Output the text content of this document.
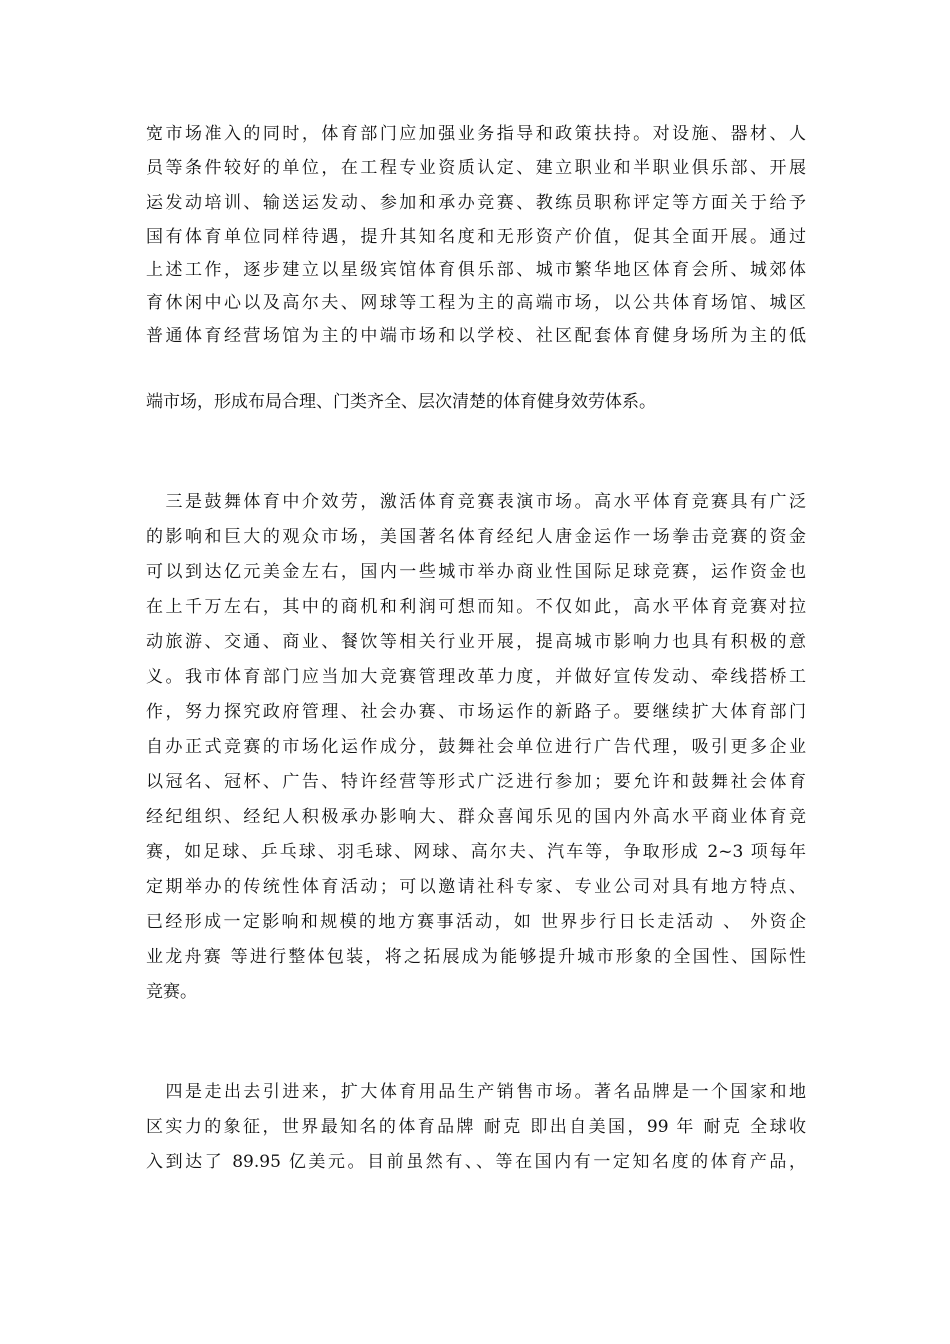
宽市场准入的同时，体育部门应加强业务指导和政策扶持。对设施、器材、人
员等条件较好的单位，在工程专业资质认定、建立职业和半职业俱乐部、开展
运发动培训、输送运发动、参加和承办竞赛、教练员职称评定等方面关于给予
国有体育单位同样待遇，提升其知名度和无形资产价值，促其全面开展。通过
上述工作，逐步建立以星级宾馆体育俱乐部、城市繁华地区体育会所、城郊体
育休闲中心以及高尔夫、网球等工程为主的高端市场，以公共体育场馆、城区
普通体育经营场馆为主的中端市场和以学校、社区配套体育健身场所为主的低
端市场，形成布局合理、门类齐全、层次清楚的体育健身效劳体系。
　三是鼓舞体育中介效劳，激活体育竞赛表演市场。高水平体育竞赛具有广泛
的影响和巨大的观众市场，美国著名体育经纪人唐金运作一场拳击竞赛的资金
可以到达亿元美金左右，国内一些城市举办商业性国际足球竞赛，运作资金也
在上千万左右，其中的商机和利润可想而知。不仅如此，高水平体育竞赛对拉
动旅游、交通、商业、餐饮等相关行业开展，提高城市影响力也具有积极的意
义。我市体育部门应当加大竞赛管理改革力度，并做好宣传发动、牵线搭桥工
作，努力探究政府管理、社会办赛、市场运作的新路子。要继续扩大体育部门
自办正式竞赛的市场化运作成分，鼓舞社会单位进行广告代理，吸引更多企业
以冠名、冠杯、广告、特许经营等形式广泛进行参加；要允许和鼓舞社会体育
经纪组织、经纪人积极承办影响大、群众喜闻乐见的国内外高水平商业体育竞
赛，如足球、乒乓球、羽毛球、网球、高尔夫、汽车等，争取形成 2~3 项每年
定期举办的传统性体育活动；可以邀请社科专家、专业公司对具有地方特点、
已经形成一定影响和规模的地方赛事活动，如 世界步行日长走活动 、 外资企
业龙舟赛 等进行整体包装，将之拓展成为能够提升城市形象的全国性、国际性
竞赛。
　四是走出去引进来，扩大体育用品生产销售市场。著名品牌是一个国家和地
区实力的象征，世界最知名的体育品牌 耐克 即出自美国，99 年 耐克 全球收
入到达了 89.95 亿美元。目前虽然有、、等在国内有一定知名度的体育产品，
